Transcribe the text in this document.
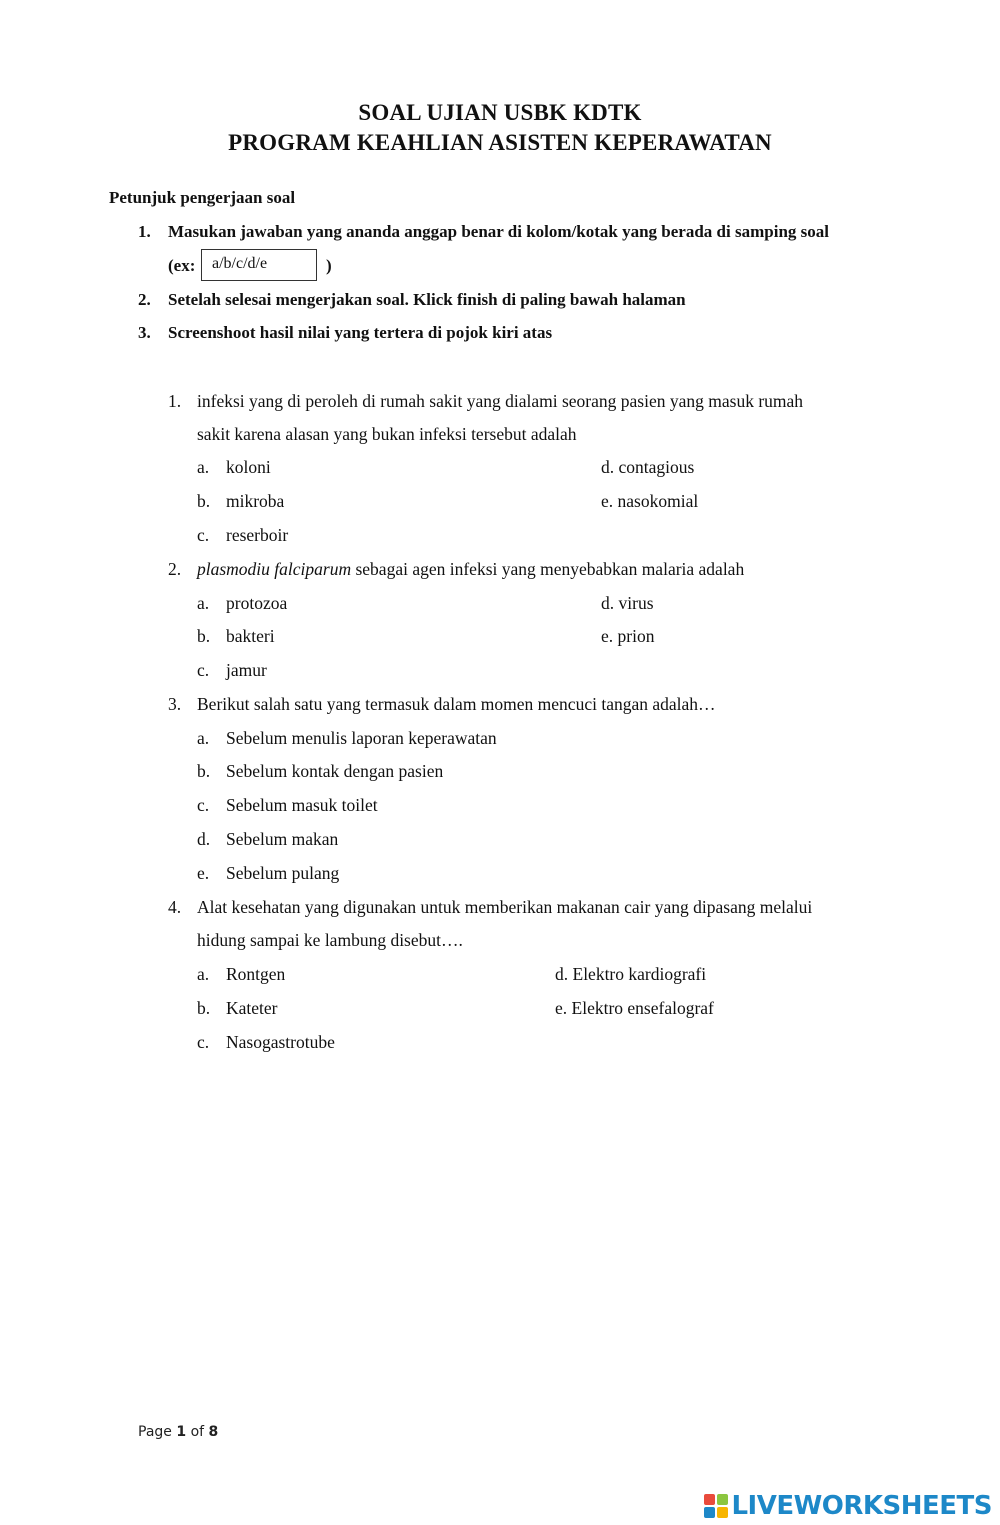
SOAL UJIAN USBK KDTK
PROGRAM KEAHLIAN ASISTEN KEPERAWATAN
Petunjuk pengerjaan soal
1.	Masukan jawaban yang ananda anggap benar di kolom/kotak yang berada di samping soal
(ex:	a/b/c/d/e	)
2.	Setelah selesai mengerjakan soal. Klick finish di paling bawah halaman
3.	Screenshoot hasil nilai yang tertera di pojok kiri atas
1. infeksi yang di peroleh di rumah sakit yang dialami seorang pasien yang masuk rumah
sakit karena alasan yang bukan infeksi tersebut adalah
a. koloni
b. mikroba
c. reserboir
d. contagious
e. nasokomial
2. plasmodiu falciparum sebagai agen infeksi yang menyebabkan malaria adalah
a. protozoa
b. bakteri
c. jamur
d. virus
e. prion
3. Berikut salah satu yang termasuk dalam momen mencuci tangan adalah…
a. Sebelum menulis laporan keperawatan
b. Sebelum kontak dengan pasien
c. Sebelum masuk toilet
d. Sebelum makan
e. Sebelum pulang
4. Alat kesehatan yang digunakan untuk memberikan makanan cair yang dipasang melalui
hidung sampai ke lambung disebut….
a. Rontgen
b. Kateter
c. Nasogastrotube
d. Elektro kardiografi
e. Elektro ensefalograf
Page 1 of 8
LIVEWORKSHEETS
